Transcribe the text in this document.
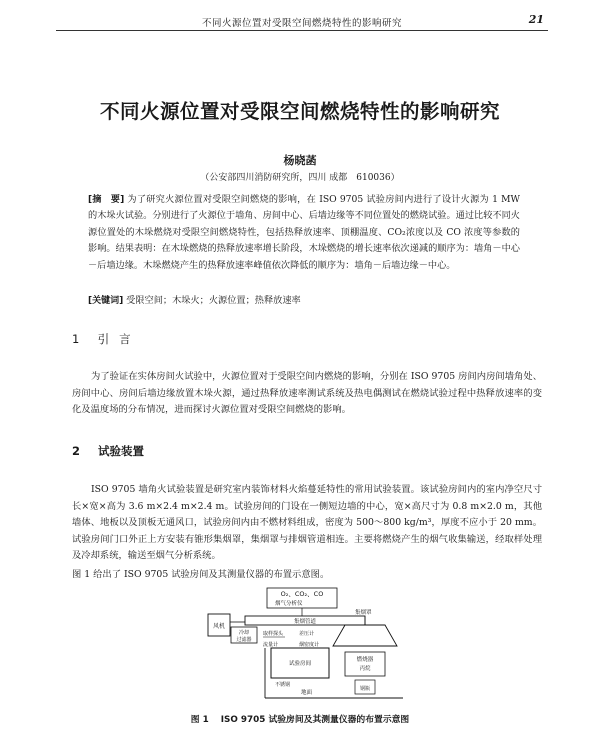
不同火源位置对受限空间燃烧特性的影响研究	21
不同火源位置对受限空间燃烧特性的影响研究
杨晓菡
（公安部四川消防研究所，四川 成都　610036）
[摘　要] 为了研究火源位置对受限空间燃烧的影响，在 ISO 9705 试验房间内进行了设计火源为 1 MW 的木垛火试验。分别进行了火源位于墙角、房间中心、后墙边缘等不同位置处的燃烧试验。通过比较不同火源位置处的木垛燃烧对受限空间燃烧特性，包括热释放速率、顶棚温度、CO₂浓度以及 CO 浓度等参数的影响。结果表明：在木垛燃烧的热释放速率增长阶段，木垛燃烧的增长速率依次递减的顺序为：墙角－中心－后墙边缘。木垛燃烧产生的热释放速率峰值依次降低的顺序为：墙角－后墙边缘－中心。
[关键词] 受限空间；木垛火；火源位置；热释放速率
1 引言
为了验证在实体房间火试验中，火源位置对于受限空间内燃烧的影响，分别在 ISO 9705 房间内房间墙角处、房间中心、房间后墙边缘放置木垛火源，通过热释放速率测试系统及热电偶测试在燃烧试验过程中热释放速率的变化及温度场的分布情况，进而探讨火源位置对受限空间燃烧的影响。
2 试验装置
ISO 9705 墙角火试验装置是研究室内装饰材料火焰蔓延特性的常用试验装置。该试验房间内的室内净空尺寸长×宽×高为 3.6 m×2.4 m×2.4 m。试验房间的门设在一侧短边墙的中心，宽×高尺寸为 0.8 m×2.0 m，其他墙体、地板以及顶板无通风口，试验房间内由不燃材料组成，密度为 500～800 kg/m³，厚度不应小于 20 mm。试验房间门口外正上方安装有锥形集烟罩，集烟罩与排烟管道相连。主要将燃烧产生的烟气收集输送，经取样处理及冷却系统，输送至烟气分析系统。
图 1 给出了 ISO 9705 试验房间及其测量仪器的布置示意图。
O₂、CO₂、CO
烟气分析仪
集烟管道
风机
冷却
过滤器
取样探头
流量计
差压计
烟密度计
集烟罩
燃烧器
丙烷
钢瓶
试验房间
地面
不锈钢
图 1 ISO 9705 试验房间及其测量仪器的布置示意图
